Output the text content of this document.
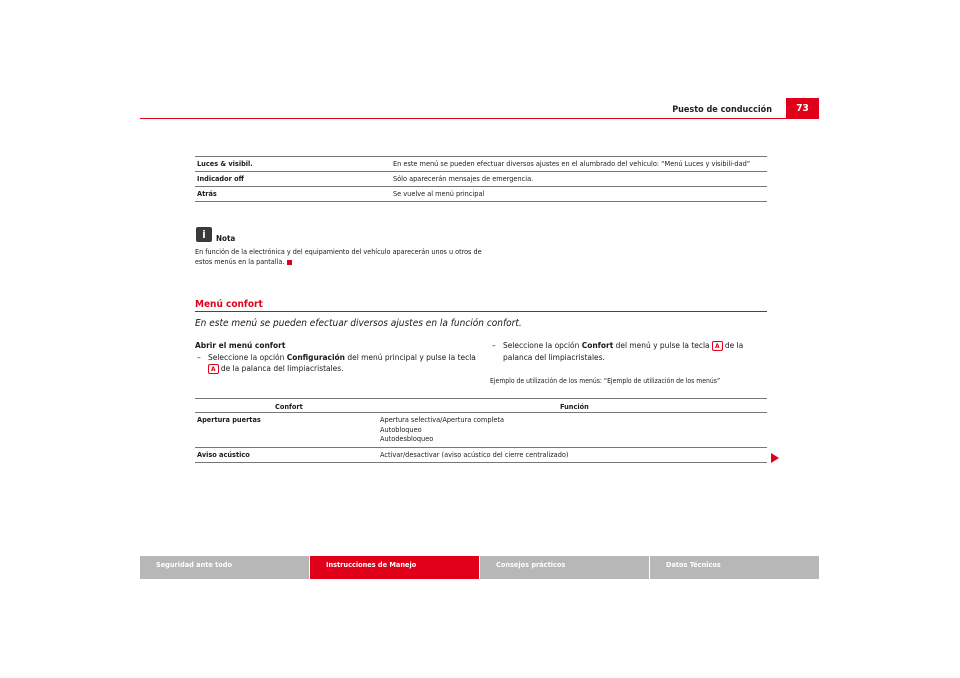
Puesto de conducción	73
Luces & visibil.	En este menú se pueden efectuar diversos ajustes en el alumbrado del vehículo: “Menú Luces y visibili-dad”
Indicador off	Sólo aparecerán mensajes de emergencia.
Atrás	Se vuelve al menú principal
i	Nota
En función de la electrónica y del equipamiento del vehículo aparecerán unos u otros de estos menús en la pantalla.
Menú confort
En este menú se pueden efectuar diversos ajustes en la función confort.
Abrir el menú confort
– Seleccione la opción Configuración del menú principal y pulse la tecla A de la palanca del limpiacristales.
– Seleccione la opción Confort del menú y pulse la tecla A de la palanca del limpiacristales.
Ejemplo de utilización de los menús: “Ejemplo de utilización de los menús”
Confort	Función
Apertura puertas	Apertura selectiva/Apertura completa
Autobloqueo
Autodesbloqueo
Aviso acústico	Activar/desactivar (aviso acústico del cierre centralizado)
Seguridad ante todo	Instrucciones de Manejo	Consejos prácticos	Datos Técnicos
